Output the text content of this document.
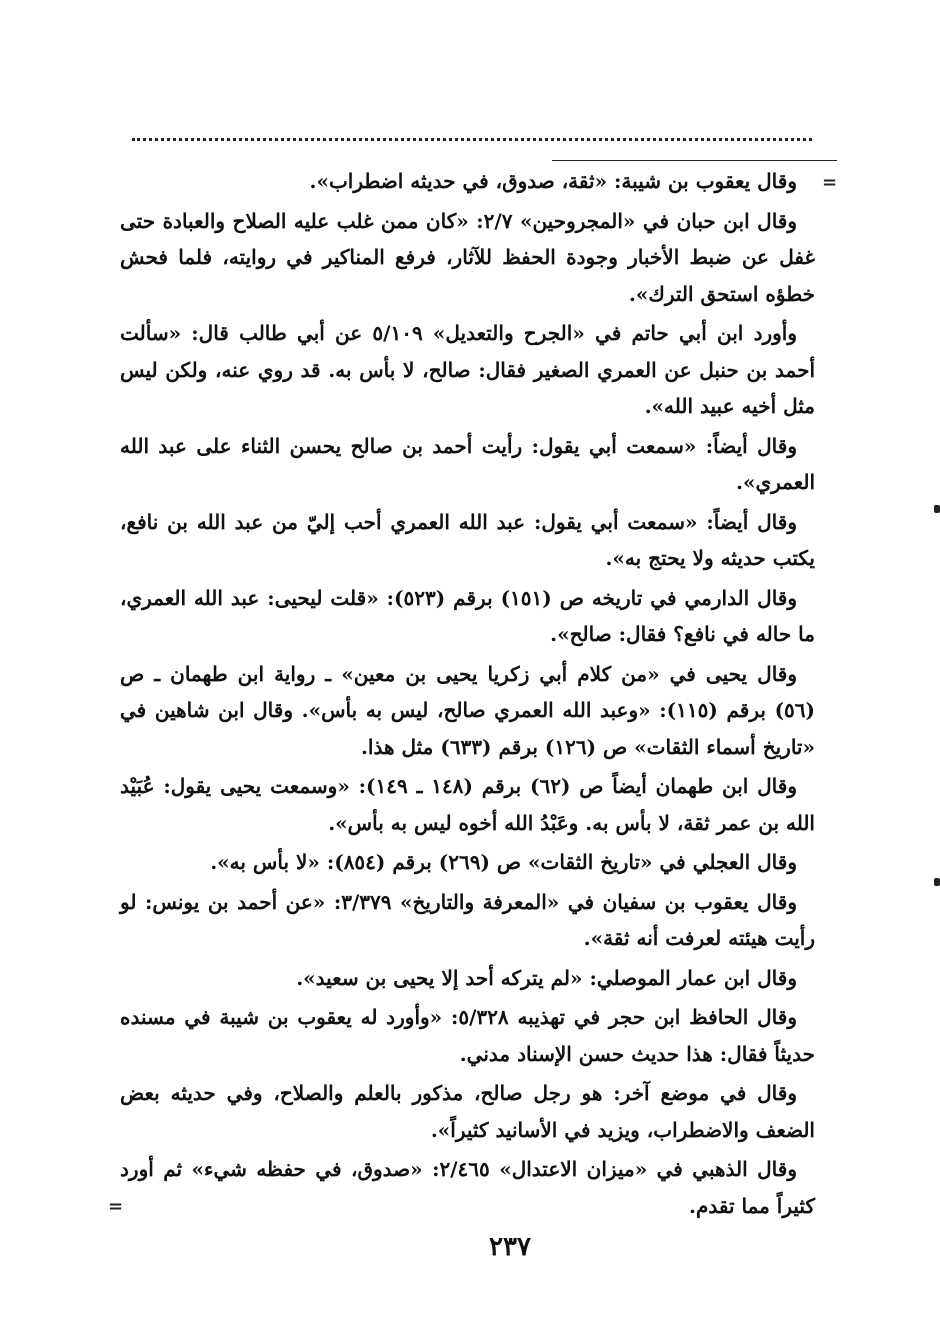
=
=

وقال يعقوب بن شيبة: «ثقة، صدوق، في حديثه اضطراب».

وقال ابن حبان في «المجروحين» ٢/٧: «كان ممن غلب عليه الصلاح والعبادة حتى غفل عن ضبط الأخبار وجودة الحفظ للآثار، فرفع المناكير في روايته، فلما فحش خطؤه استحق الترك».

وأورد ابن أبي حاتم في «الجرح والتعديل» ٥/١٠٩ عن أبي طالب قال: «سألت أحمد بن حنبل عن العمري الصغير فقال: صالح، لا بأس به. قد روي عنه، ولكن ليس مثل أخيه عبيد الله».

وقال أيضاً: «سمعت أبي يقول: رأيت أحمد بن صالح يحسن الثناء على عبد الله العمري».

وقال أيضاً: «سمعت أبي يقول: عبد الله العمري أحب إليّ من عبد الله بن نافع، يكتب حديثه ولا يحتج به».

وقال الدارمي في تاريخه ص (١٥١) برقم (٥٢٣): «قلت ليحيى: عبد الله العمري، ما حاله في نافع؟ فقال: صالح».

وقال يحيى في «من كلام أبي زكريا يحيى بن معين» ـ رواية ابن طهمان ـ ص (٥٦) برقم (١١٥): «وعبد الله العمري صالح، ليس به بأس». وقال ابن شاهين في «تاريخ أسماء الثقات» ص (١٢٦) برقم (٦٣٣) مثل هذا.

وقال ابن طهمان أيضاً ص (٦٢) برقم (١٤٨ ـ ١٤٩): «وسمعت يحيى يقول: عُبَيْد الله بن عمر ثقة، لا بأس به. وعَبْدُ الله أخوه ليس به بأس».

وقال العجلي في «تاريخ الثقات» ص (٢٦٩) برقم (٨٥٤): «لا بأس به».

وقال يعقوب بن سفيان في «المعرفة والتاريخ» ٣/٣٧٩: «عن أحمد بن يونس: لو رأيت هيئته لعرفت أنه ثقة».

وقال ابن عمار الموصلي: «لم يتركه أحد إلا يحيى بن سعيد».

وقال الحافظ ابن حجر في تهذيبه ٥/٣٢٨: «وأورد له يعقوب بن شيبة في مسنده حديثاً فقال: هذا حديث حسن الإسناد مدني.

وقال في موضع آخر: هو رجل صالح، مذكور بالعلم والصلاح، وفي حديثه بعض الضعف والاضطراب، ويزيد في الأسانيد كثيراً».

وقال الذهبي في «ميزان الاعتدال» ٢/٤٦٥: «صدوق، في حفظه شيء» ثم أورد كثيراً مما تقدم.

٢٣٧
